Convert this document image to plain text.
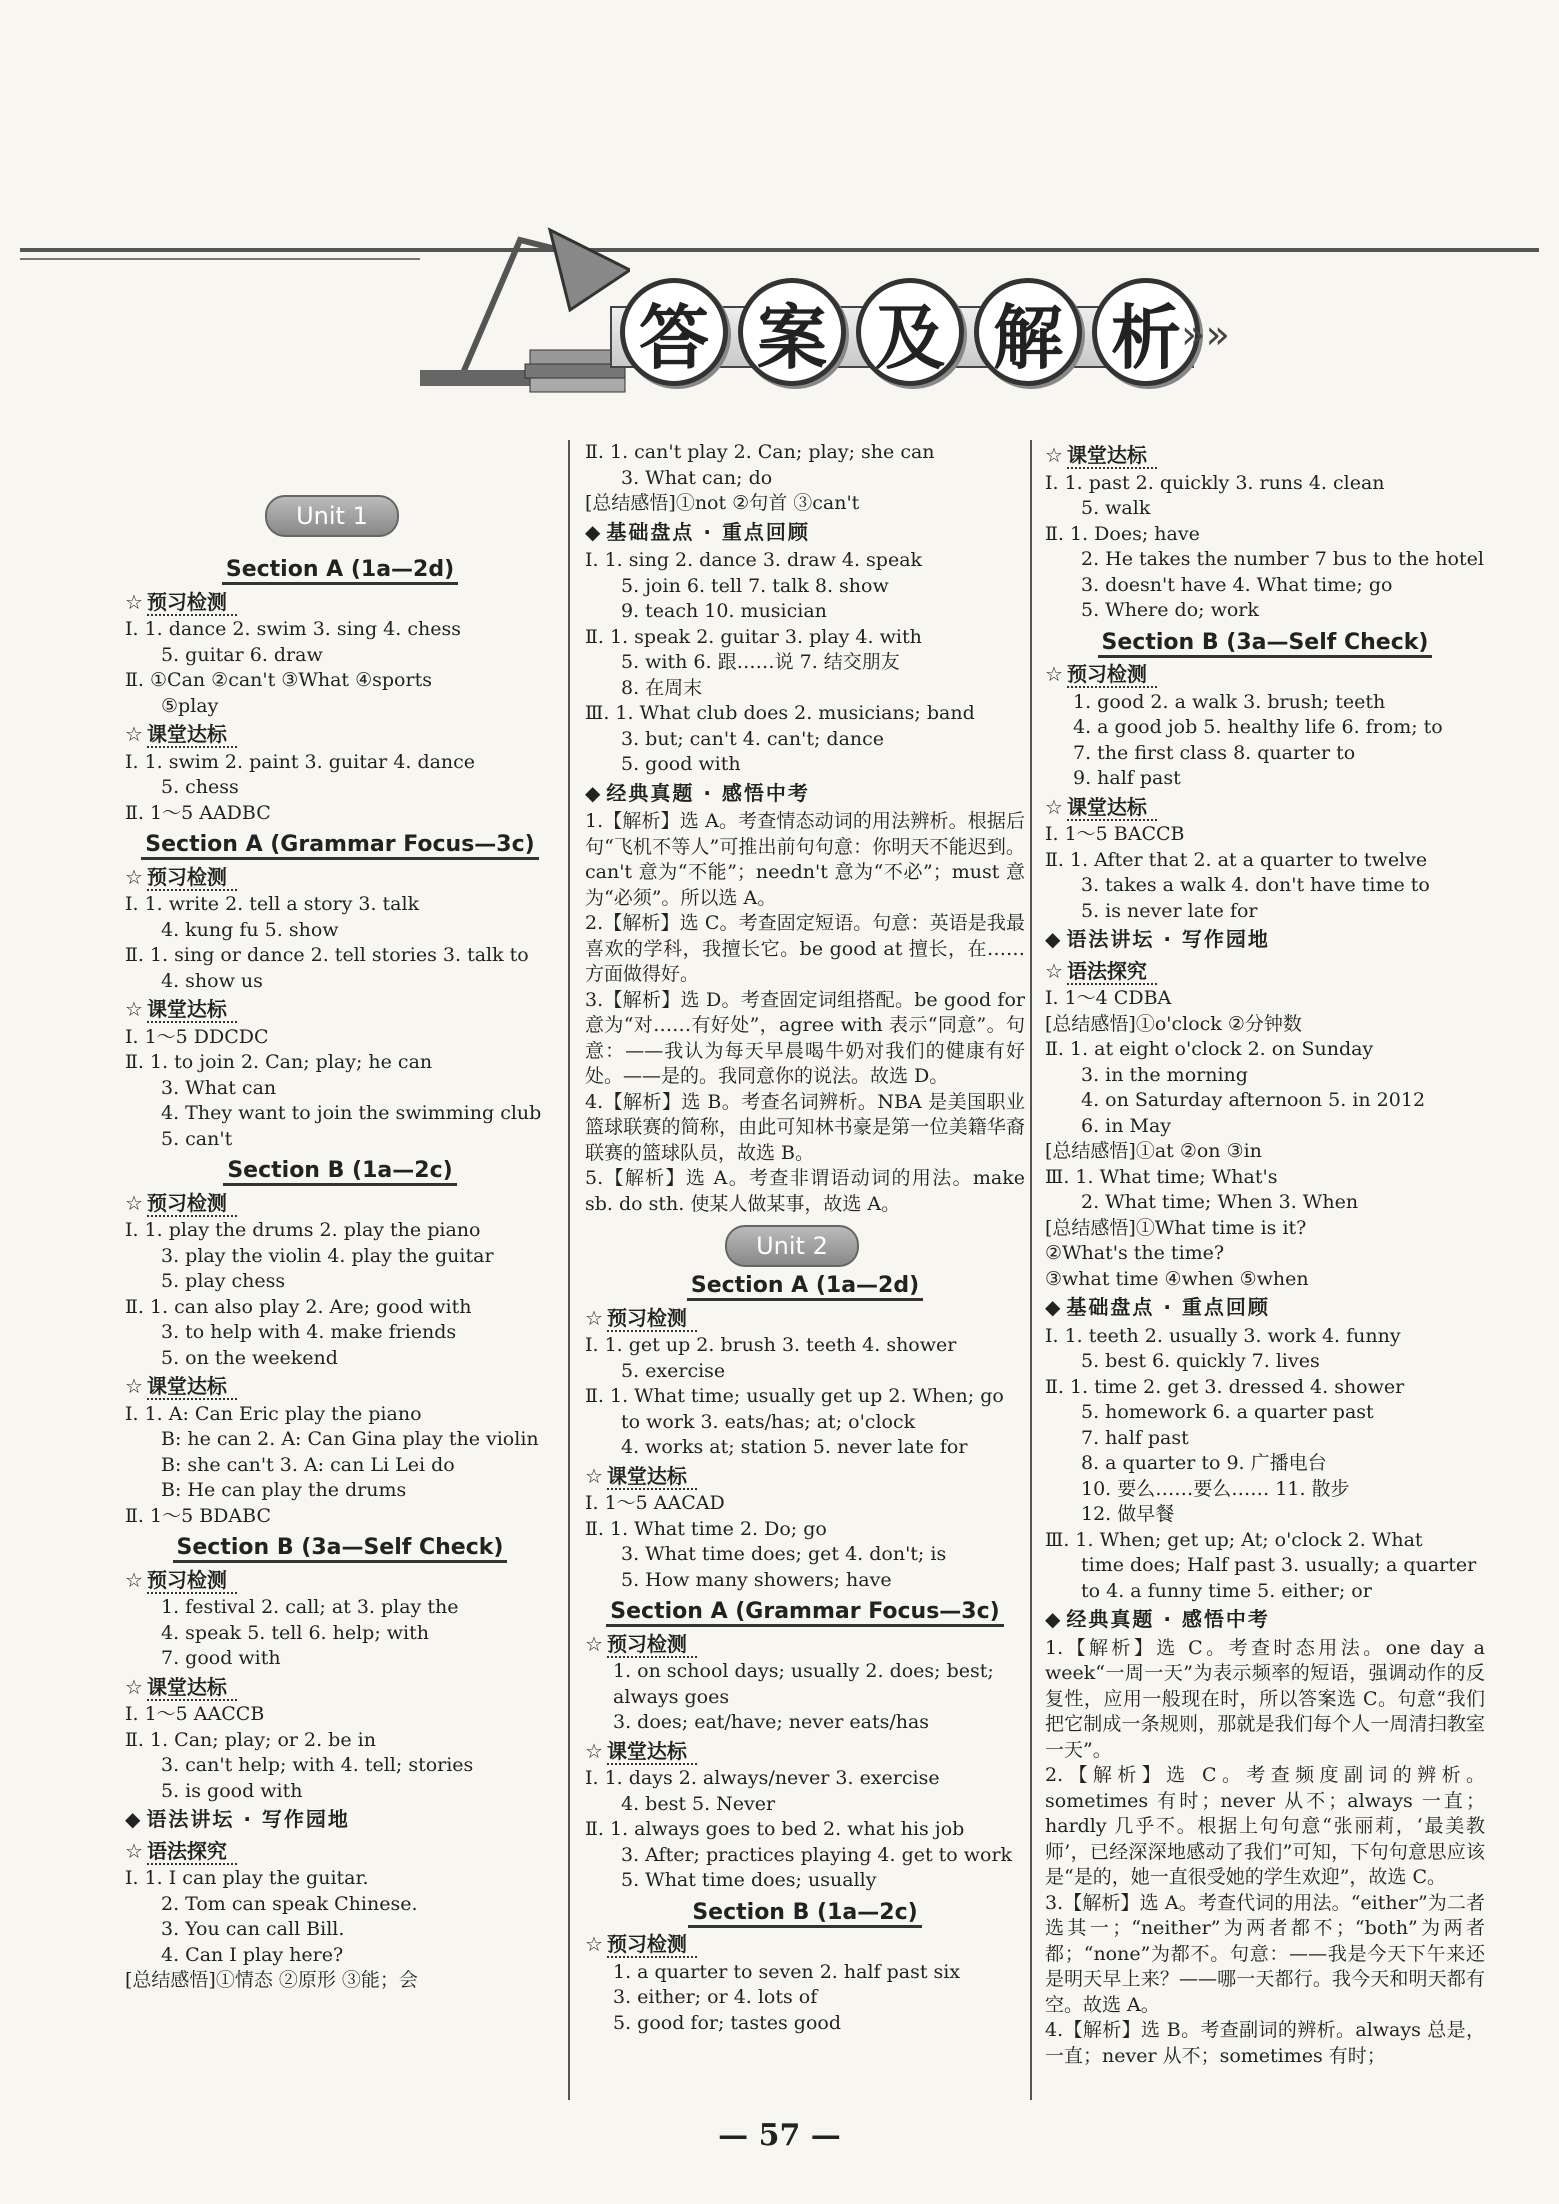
答 案 及 解 析 »»
Unit 1
Section A (1a—2d)
☆ 预习检测
Ⅰ. 1. dance 2. swim 3. sing 4. chess
5. guitar 6. draw
Ⅱ. ①Can ②can't ③What ④sports
⑤play
☆ 课堂达标
Ⅰ. 1. swim 2. paint 3. guitar 4. dance
5. chess
Ⅱ. 1～5 AADBC
Section A (Grammar Focus—3c)
☆ 预习检测
Ⅰ. 1. write 2. tell a story 3. talk
4. kung fu 5. show
Ⅱ. 1. sing or dance 2. tell stories 3. talk to
4. show us
☆ 课堂达标
Ⅰ. 1～5 DDCDC
Ⅱ. 1. to join 2. Can; play; he can
3. What can
4. They want to join the swimming club
5. can't
Section B (1a—2c)
☆ 预习检测
Ⅰ. 1. play the drums 2. play the piano
3. play the violin 4. play the guitar
5. play chess
Ⅱ. 1. can also play 2. Are; good with
3. to help with 4. make friends
5. on the weekend
☆ 课堂达标
Ⅰ. 1. A: Can Eric play the piano
B: he can 2. A: Can Gina play the violin
B: she can't 3. A: can Li Lei do
B: He can play the drums
Ⅱ. 1～5 BDABC
Section B (3a—Self Check)
☆ 预习检测
1. festival 2. call; at 3. play the
4. speak 5. tell 6. help; with
7. good with
☆ 课堂达标
Ⅰ. 1～5 AACCB
Ⅱ. 1. Can; play; or 2. be in
3. can't help; with 4. tell; stories
5. is good with
◆ 语法讲坛 · 写作园地
☆ 语法探究
Ⅰ. 1. I can play the guitar.
2. Tom can speak Chinese.
3. You can call Bill.
4. Can I play here?
[总结感悟]①情态 ②原形 ③能；会
Ⅱ. 1. can't play 2. Can; play; she can
3. What can; do
[总结感悟]①not ②句首 ③can't
◆ 基础盘点 · 重点回顾
Ⅰ. 1. sing 2. dance 3. draw 4. speak
5. join 6. tell 7. talk 8. show
9. teach 10. musician
Ⅱ. 1. speak 2. guitar 3. play 4. with
5. with 6. 跟……说 7. 结交朋友
8. 在周末
Ⅲ. 1. What club does 2. musicians; band
3. but; can't 4. can't; dance
5. good with
◆ 经典真题 · 感悟中考
1.【解析】选 A。考查情态动词的用法辨析。根据后句“飞机不等人”可推出前句句意：你明天不能迟到。can't 意为“不能”；needn't 意为“不必”；must 意为“必须”。所以选 A。
2.【解析】选 C。考查固定短语。句意：英语是我最喜欢的学科，我擅长它。be good at 擅长，在……方面做得好。
3.【解析】选 D。考查固定词组搭配。be good for 意为“对……有好处”，agree with 表示“同意”。句意：——我认为每天早晨喝牛奶对我们的健康有好处。——是的。我同意你的说法。故选 D。
4.【解析】选 B。考查名词辨析。NBA 是美国职业篮球联赛的简称，由此可知林书豪是第一位美籍华裔联赛的篮球队员，故选 B。
5.【解析】选 A。考查非谓语动词的用法。make sb. do sth. 使某人做某事，故选 A。
Unit 2
Section A (1a—2d)
☆ 预习检测
Ⅰ. 1. get up 2. brush 3. teeth 4. shower
5. exercise
Ⅱ. 1. What time; usually get up 2. When; go
to work 3. eats/has; at; o'clock
4. works at; station 5. never late for
☆ 课堂达标
Ⅰ. 1～5 AACAD
Ⅱ. 1. What time 2. Do; go
3. What time does; get 4. don't; is
5. How many showers; have
Section A (Grammar Focus—3c)
☆ 预习检测
1. on school days; usually 2. does; best;
always goes
3. does; eat/have; never eats/has
☆ 课堂达标
Ⅰ. 1. days 2. always/never 3. exercise
4. best 5. Never
Ⅱ. 1. always goes to bed 2. what his job
3. After; practices playing 4. get to work
5. What time does; usually
Section B (1a—2c)
☆ 预习检测
1. a quarter to seven 2. half past six
3. either; or 4. lots of
5. good for; tastes good
☆ 课堂达标
Ⅰ. 1. past 2. quickly 3. runs 4. clean
5. walk
Ⅱ. 1. Does; have
2. He takes the number 7 bus to the hotel
3. doesn't have 4. What time; go
5. Where do; work
Section B (3a—Self Check)
☆ 预习检测
1. good 2. a walk 3. brush; teeth
4. a good job 5. healthy life 6. from; to
7. the first class 8. quarter to
9. half past
☆ 课堂达标
Ⅰ. 1～5 BACCB
Ⅱ. 1. After that 2. at a quarter to twelve
3. takes a walk 4. don't have time to
5. is never late for
◆ 语法讲坛 · 写作园地
☆ 语法探究
Ⅰ. 1～4 CDBA
[总结感悟]①o'clock ②分钟数
Ⅱ. 1. at eight o'clock 2. on Sunday
3. in the morning
4. on Saturday afternoon 5. in 2012
6. in May
[总结感悟]①at ②on ③in
Ⅲ. 1. What time; What's
2. What time; When 3. When
[总结感悟]①What time is it?
②What's the time?
③what time ④when ⑤when
◆ 基础盘点 · 重点回顾
Ⅰ. 1. teeth 2. usually 3. work 4. funny
5. best 6. quickly 7. lives
Ⅱ. 1. time 2. get 3. dressed 4. shower
5. homework 6. a quarter past
7. half past
8. a quarter to 9. 广播电台
10. 要么……要么…… 11. 散步
12. 做早餐
Ⅲ. 1. When; get up; At; o'clock 2. What
time does; Half past 3. usually; a quarter
to 4. a funny time 5. either; or
◆ 经典真题 · 感悟中考
1.【解析】选 C。考查时态用法。one day a week“一周一天”为表示频率的短语，强调动作的反复性，应用一般现在时，所以答案选 C。句意“我们把它制成一条规则，那就是我们每个人一周清扫教室一天”。
2.【解析】选 C。考查频度副词的辨析。sometimes 有时；never 从不；always 一直；hardly 几乎不。根据上句句意“张丽莉，‘最美教师’，已经深深地感动了我们”可知，下句句意思应该是“是的，她一直很受她的学生欢迎”，故选 C。
3.【解析】选 A。考查代词的用法。“either”为二者选其一；“neither”为两者都不；“both”为两者都；“none”为都不。句意：——我是今天下午来还是明天早上来？——哪一天都行。我今天和明天都有空。故选 A。
4.【解析】选 B。考查副词的辨析。always 总是，一直；never 从不；sometimes 有时；
— 57 —
